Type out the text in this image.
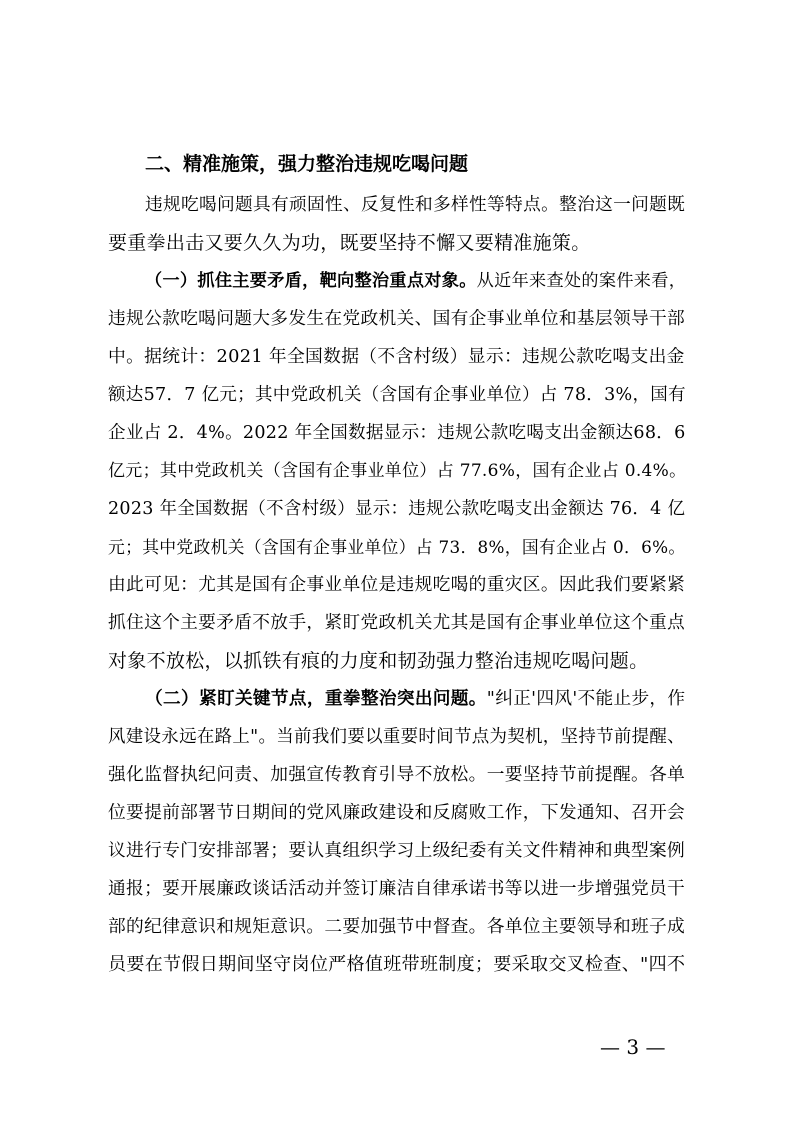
二、精准施策，强力整治违规吃喝问题
违规吃喝问题具有顽固性、反复性和多样性等特点。整治这一问题既
要重拳出击又要久久为功，既要坚持不懈又要精准施策。
（一）抓住主要矛盾，靶向整治重点对象。从近年来查处的案件来看，
违规公款吃喝问题大多发生在党政机关、国有企事业单位和基层领导干部
中。据统计：2021 年全国数据（不含村级）显示：违规公款吃喝支出金
额达57．7 亿元；其中党政机关（含国有企事业单位）占 78．3%，国有
企业占 2．4%。2022 年全国数据显示：违规公款吃喝支出金额达68．6
亿元；其中党政机关（含国有企事业单位）占 77.6%，国有企业占 0.4%。
2023 年全国数据（不含村级）显示：违规公款吃喝支出金额达 76．4 亿
元；其中党政机关（含国有企事业单位）占 73．8%，国有企业占 0．6%。
由此可见：尤其是国有企事业单位是违规吃喝的重灾区。因此我们要紧紧
抓住这个主要矛盾不放手，紧盯党政机关尤其是国有企事业单位这个重点
对象不放松，以抓铁有痕的力度和韧劲强力整治违规吃喝问题。
（二）紧盯关键节点，重拳整治突出问题。"纠正'四风'不能止步，作
风建设永远在路上"。当前我们要以重要时间节点为契机，坚持节前提醒、
强化监督执纪问责、加强宣传教育引导不放松。一要坚持节前提醒。各单
位要提前部署节日期间的党风廉政建设和反腐败工作，下发通知、召开会
议进行专门安排部署；要认真组织学习上级纪委有关文件精神和典型案例
通报；要开展廉政谈话活动并签订廉洁自律承诺书等以进一步增强党员干
部的纪律意识和规矩意识。二要加强节中督查。各单位主要领导和班子成
员要在节假日期间坚守岗位严格值班带班制度；要采取交叉检查、"四不
— 3 —
